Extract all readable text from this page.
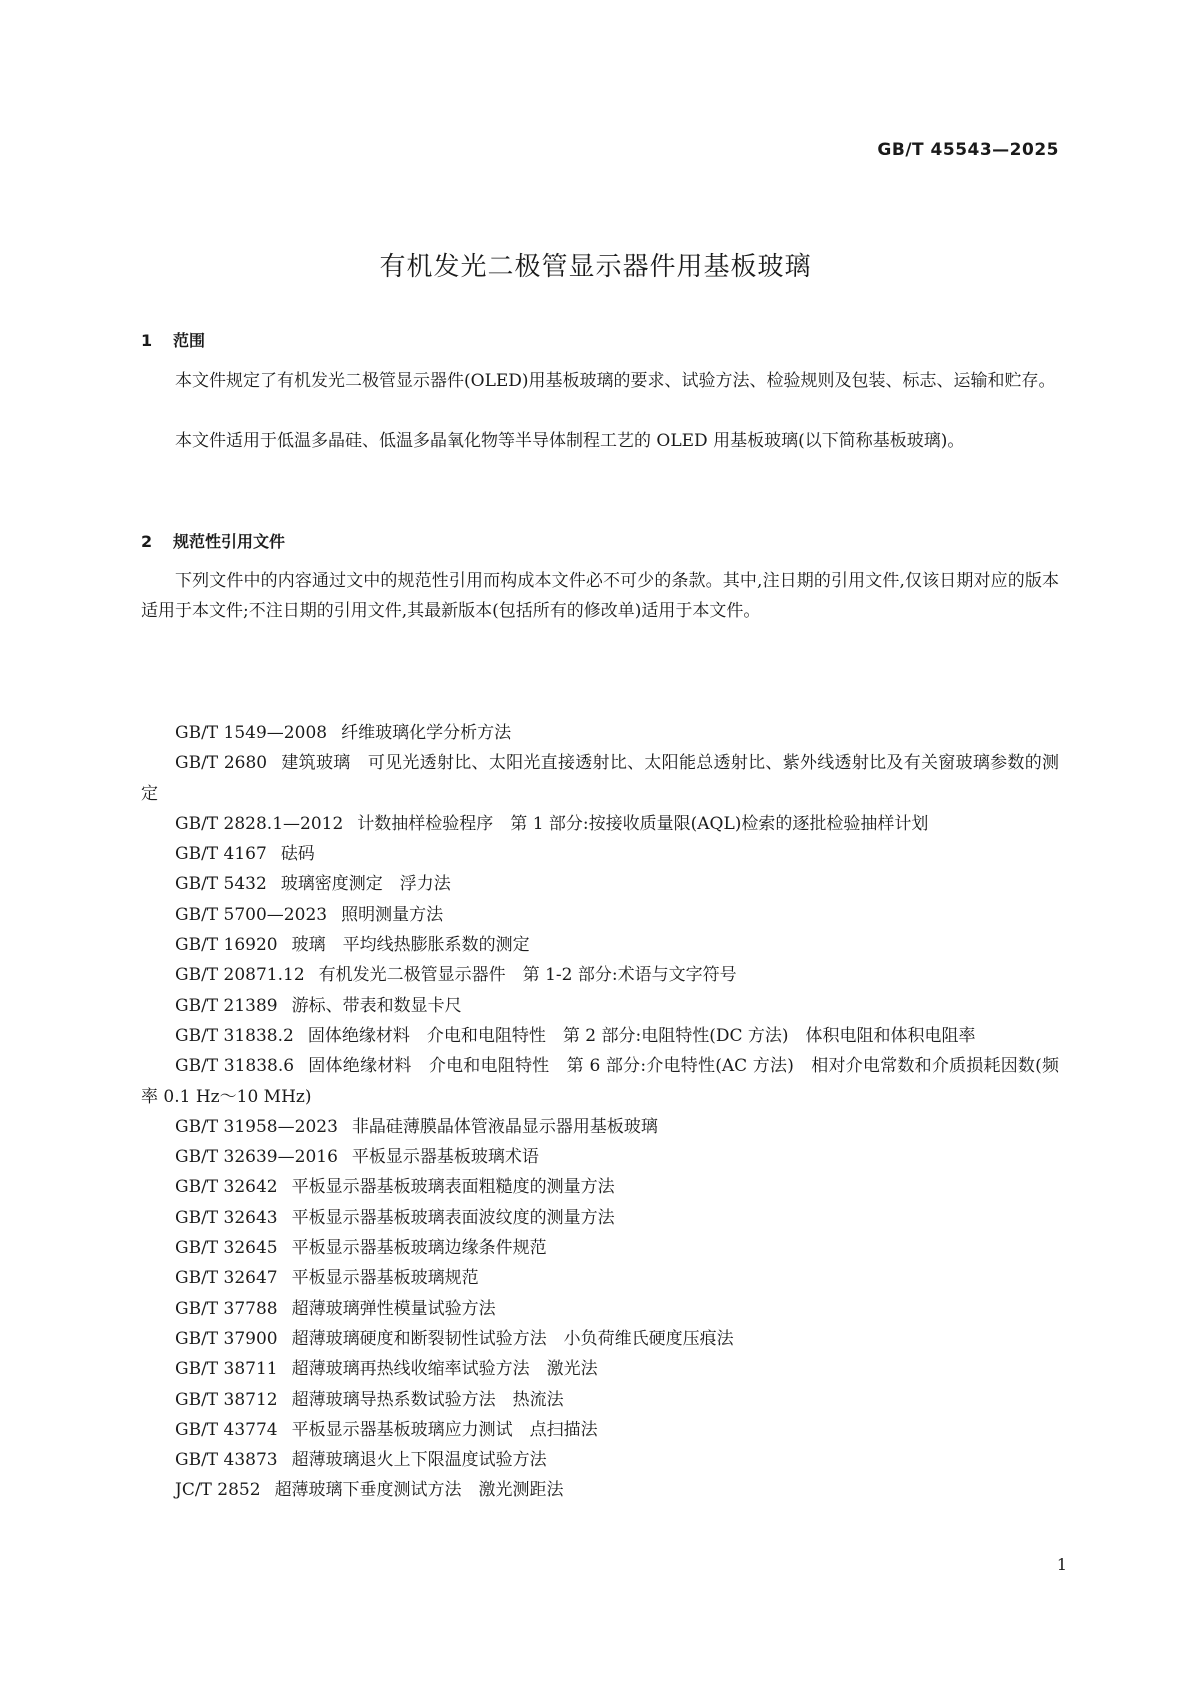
GB/T 45543—2025
有机发光二极管显示器件用基板玻璃
1 范围

本文件规定了有机发光二极管显示器件(OLED)用基板玻璃的要求、试验方法、检验规则及包装、标志、运输和贮存。

本文件适用于低温多晶硅、低温多晶氧化物等半导体制程工艺的 OLED 用基板玻璃(以下简称基板玻璃)。

2 规范性引用文件

下列文件中的内容通过文中的规范性引用而构成本文件必不可少的条款。其中,注日期的引用文件,仅该日期对应的版本适用于本文件;不注日期的引用文件,其最新版本(包括所有的修改单)适用于本文件。

GB/T 1549—2008 纤维玻璃化学分析方法
GB/T 2680 建筑玻璃　可见光透射比、太阳光直接透射比、太阳能总透射比、紫外线透射比及有关窗玻璃参数的测定
GB/T 2828.1—2012 计数抽样检验程序　第 1 部分:按接收质量限(AQL)检索的逐批检验抽样计划
GB/T 4167 砝码
GB/T 5432 玻璃密度测定　浮力法
GB/T 5700—2023 照明测量方法
GB/T 16920 玻璃　平均线热膨胀系数的测定
GB/T 20871.12 有机发光二极管显示器件　第 1-2 部分:术语与文字符号
GB/T 21389 游标、带表和数显卡尺
GB/T 31838.2 固体绝缘材料　介电和电阻特性　第 2 部分:电阻特性(DC 方法)　体积电阻和体积电阻率
GB/T 31838.6 固体绝缘材料　介电和电阻特性　第 6 部分:介电特性(AC 方法)　相对介电常数和介质损耗因数(频率 0.1 Hz～10 MHz)
GB/T 31958—2023 非晶硅薄膜晶体管液晶显示器用基板玻璃
GB/T 32639—2016 平板显示器基板玻璃术语
GB/T 32642 平板显示器基板玻璃表面粗糙度的测量方法
GB/T 32643 平板显示器基板玻璃表面波纹度的测量方法
GB/T 32645 平板显示器基板玻璃边缘条件规范
GB/T 32647 平板显示器基板玻璃规范
GB/T 37788 超薄玻璃弹性模量试验方法
GB/T 37900 超薄玻璃硬度和断裂韧性试验方法　小负荷维氏硬度压痕法
GB/T 38711 超薄玻璃再热线收缩率试验方法　激光法
GB/T 38712 超薄玻璃导热系数试验方法　热流法
GB/T 43774 平板显示器基板玻璃应力测试　点扫描法
GB/T 43873 超薄玻璃退火上下限温度试验方法
JC/T 2852 超薄玻璃下垂度测试方法　激光测距法
1
